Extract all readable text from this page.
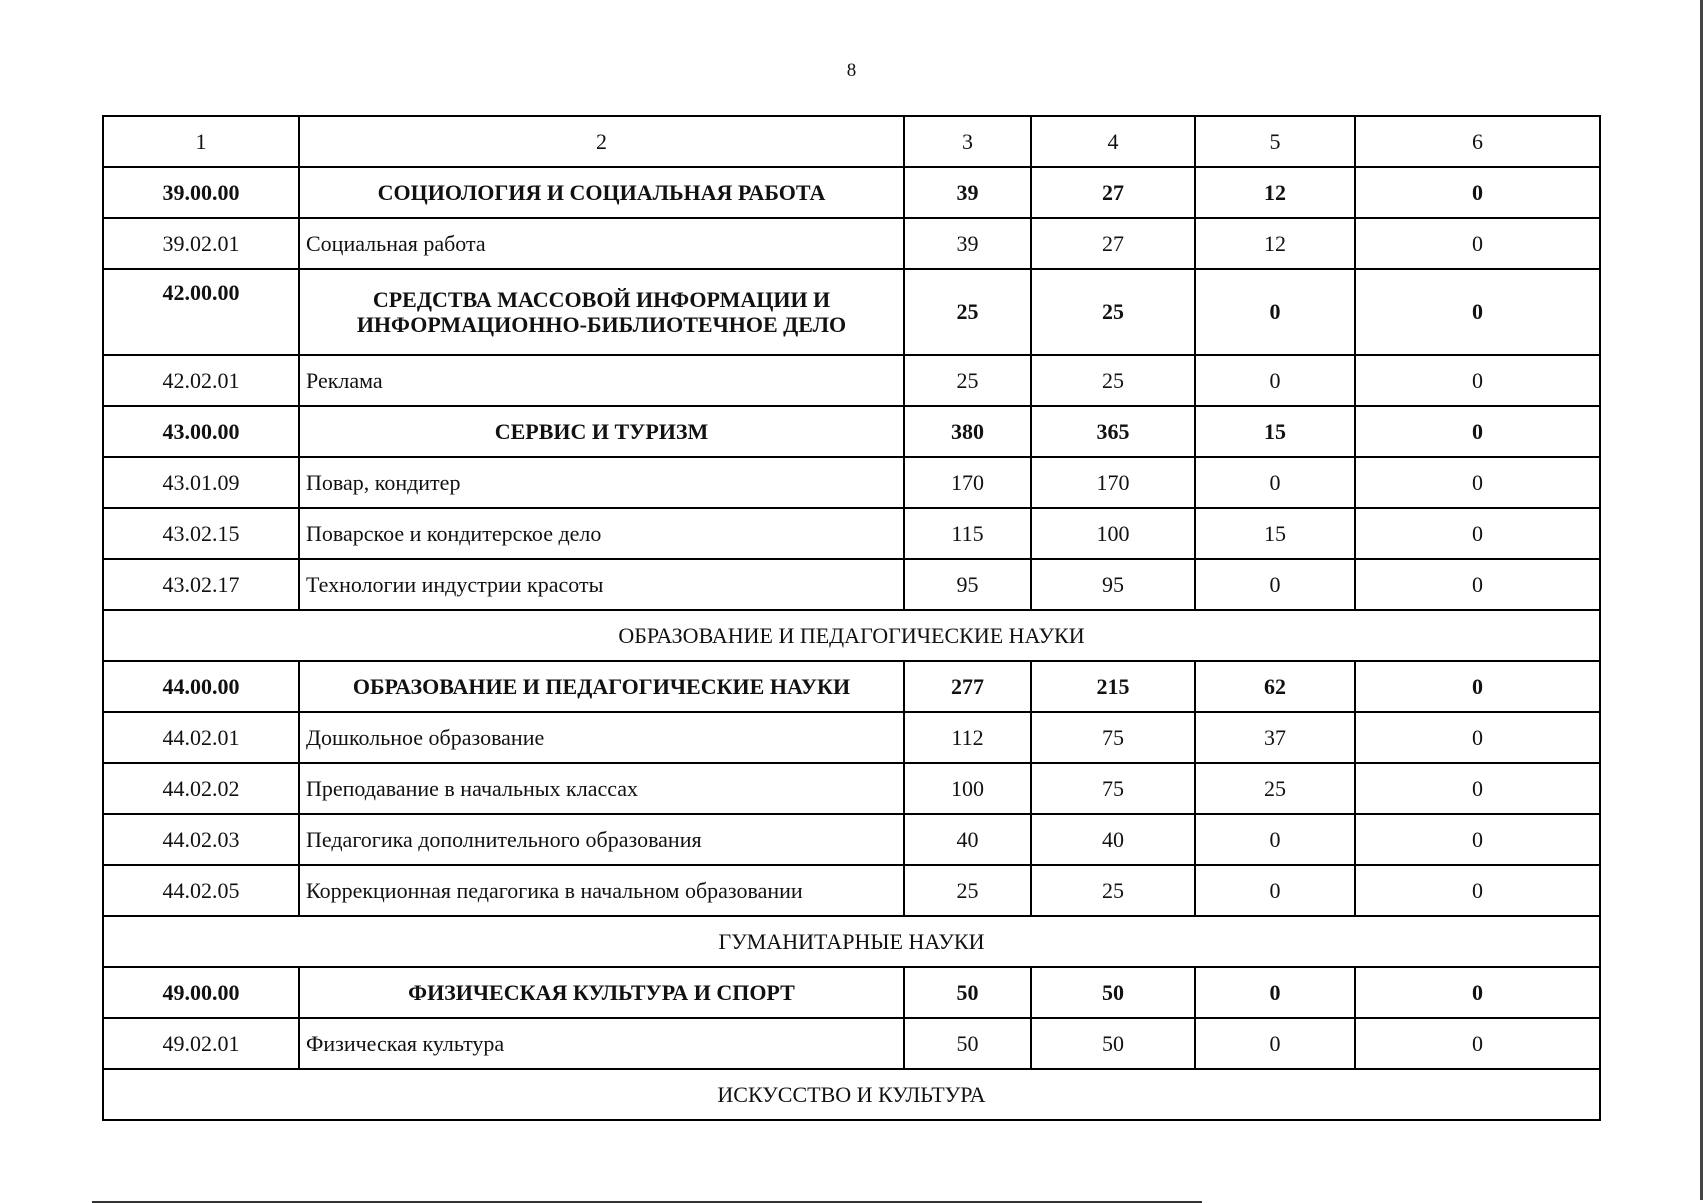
8
1	2	3	4	5	6
39.00.00	СОЦИОЛОГИЯ И СОЦИАЛЬНАЯ РАБОТА	39	27	12	0
39.02.01	Социальная работа	39	27	12	0
42.00.00	СРЕДСТВА МАССОВОЙ ИНФОРМАЦИИ И ИНФОРМАЦИОННО-БИБЛИОТЕЧНОЕ ДЕЛО	25	25	0	0
42.02.01	Реклама	25	25	0	0
43.00.00	СЕРВИС И ТУРИЗМ	380	365	15	0
43.01.09	Повар, кондитер	170	170	0	0
43.02.15	Поварское и кондитерское дело	115	100	15	0
43.02.17	Технологии индустрии красоты	95	95	0	0
ОБРАЗОВАНИЕ И ПЕДАГОГИЧЕСКИЕ НАУКИ					
44.00.00	ОБРАЗОВАНИЕ И ПЕДАГОГИЧЕСКИЕ НАУКИ	277	215	62	0
44.02.01	Дошкольное образование	112	75	37	0
44.02.02	Преподавание в начальных классах	100	75	25	0
44.02.03	Педагогика дополнительного образования	40	40	0	0
44.02.05	Коррекционная педагогика в начальном образовании	25	25	0	0
ГУМАНИТАРНЫЕ НАУКИ					
49.00.00	ФИЗИЧЕСКАЯ КУЛЬТУРА И СПОРТ	50	50	0	0
49.02.01	Физическая культура	50	50	0	0
ИСКУССТВО И КУЛЬТУРА					
